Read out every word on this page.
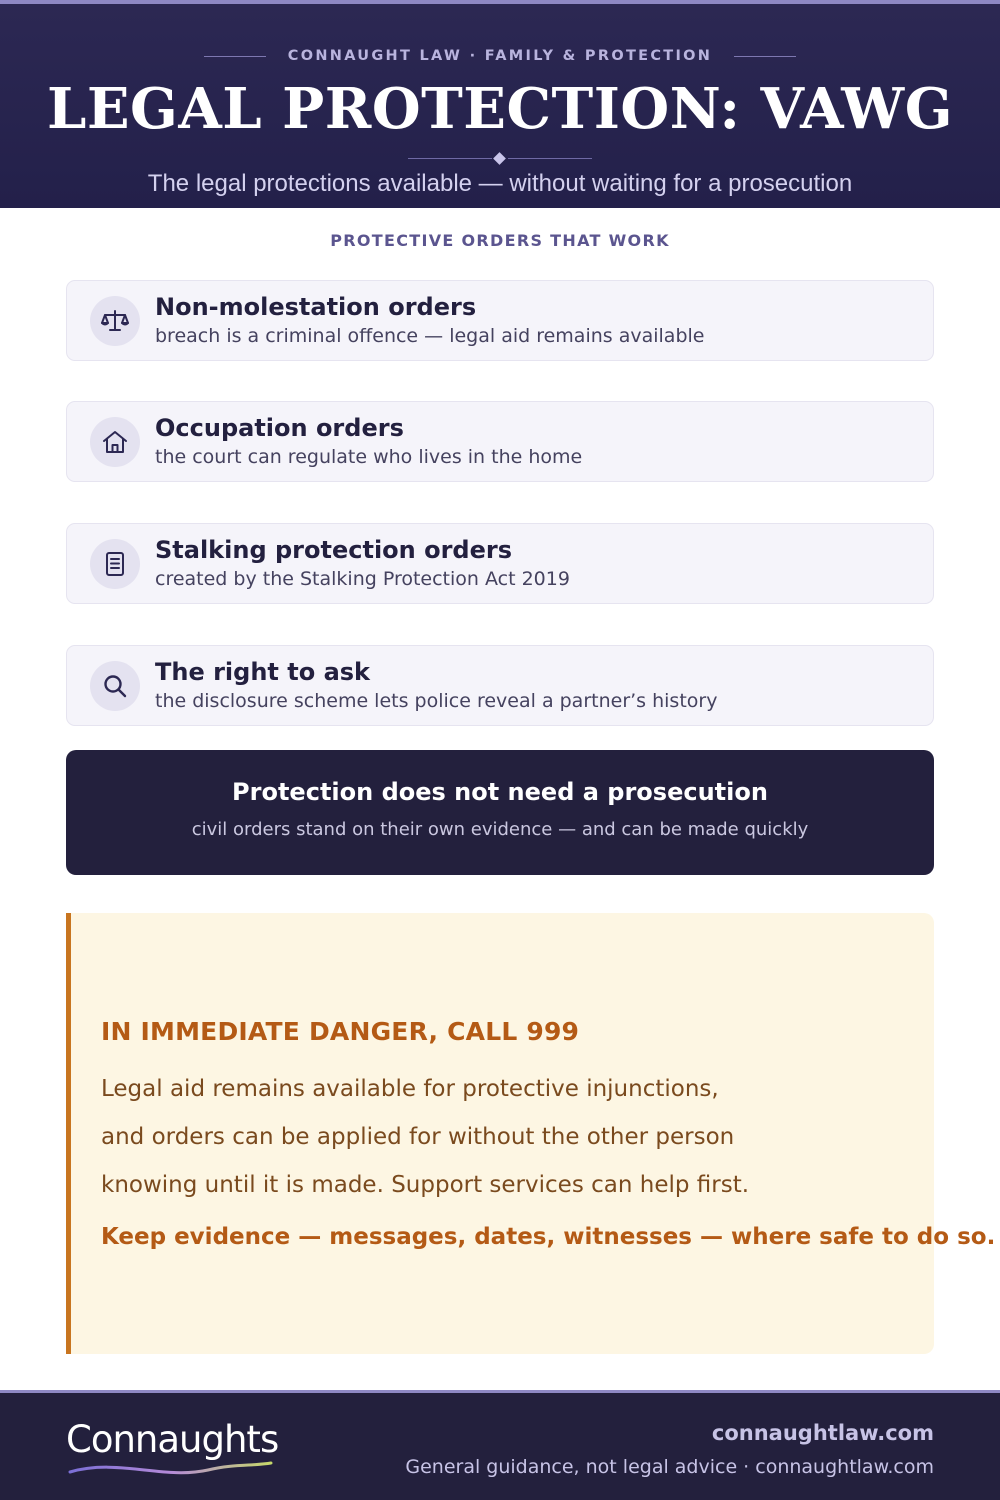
CONNAUGHT LAW · FAMILY & PROTECTION
LEGAL PROTECTION: VAWG

The legal protections available — without waiting for a prosecution

PROTECTIVE ORDERS THAT WORK
Non-molestation orders
breach is a criminal offence — legal aid remains available
Occupation orders
the court can regulate who lives in the home
Stalking protection orders
created by the Stalking Protection Act 2019
The right to ask
the disclosure scheme lets police reveal a partner’s history
Protection does not need a prosecution
civil orders stand on their own evidence — and can be made quickly
IN IMMEDIATE DANGER, CALL 999
Legal aid remains available for protective injunctions,
and orders can be applied for without the other person
knowing until it is made. Support services can help first.
Keep evidence — messages, dates, witnesses — where safe to do so.
Connaughts	connaughtlaw.com
General guidance, not legal advice · connaughtlaw.com
